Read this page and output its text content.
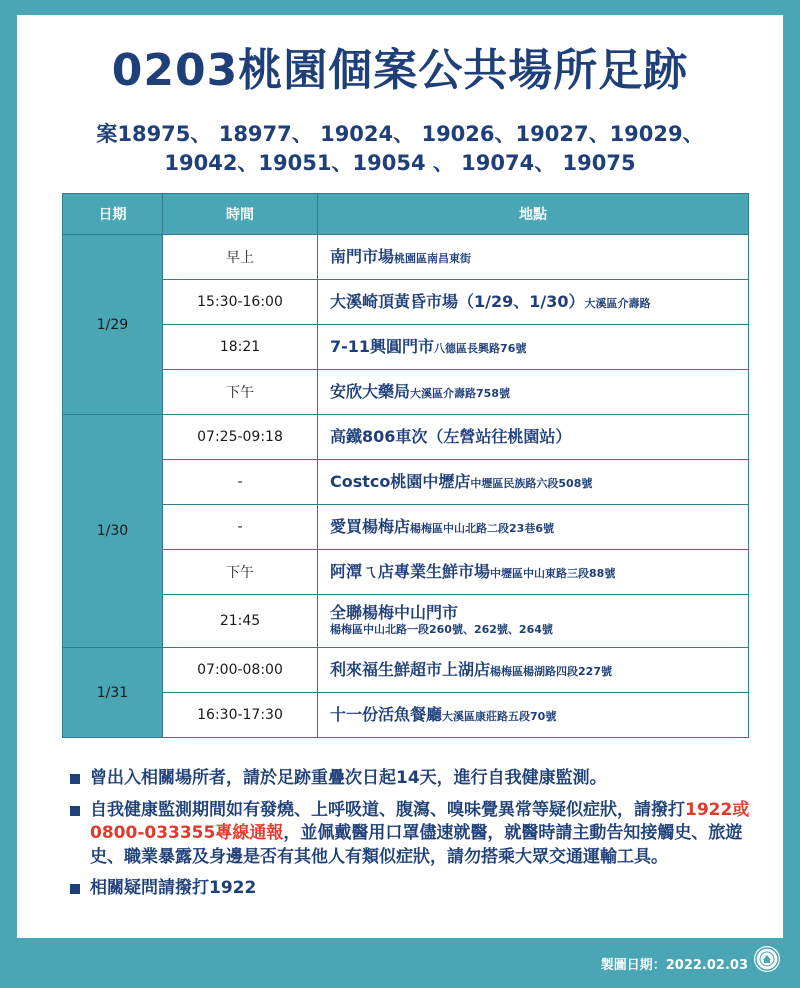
0203桃園個案公共場所足跡
案18975、 18977、 19024、 19026、19027、19029、
19042、19051、19054 、 19074、 19075
日期	時間	地點
1/29	早上	南門市場桃園區南昌東街
	15:30-16:00	大溪崎頂黃昏市場（1/29、1/30）大溪區介壽路
	18:21	7-11興圓門市八德區長興路76號
	下午	安欣大藥局大溪區介壽路758號
1/30	07:25-09:18	高鐵806車次（左營站往桃園站）
	-	Costco桃園中壢店中壢區民族路六段508號
	-	愛買楊梅店楊梅區中山北路二段23巷6號
	下午	阿潭ㄟ店專業生鮮市場中壢區中山東路三段88號
	21:45	全聯楊梅中山門市
楊梅區中山北路一段260號、262號、264號

1/31	07:00-08:00	利來福生鮮超市上湖店楊梅區楊湖路四段227號
	16:30-17:30	十一份活魚餐廳大溪區康莊路五段70號
曾出入相關場所者，請於足跡重疊次日起14天，進行自我健康監測。
自我健康監測期間如有發燒、上呼吸道、腹瀉、嗅味覺異常等疑似症狀，請撥打1922或0800-033355專線通報，並佩戴醫用口罩儘速就醫，就醫時請主動告知接觸史、旅遊史、職業暴露及身邊是否有其他人有類似症狀，請勿搭乘大眾交通運輸工具。
相關疑問請撥打1922
製圖日期：2022.02.03
